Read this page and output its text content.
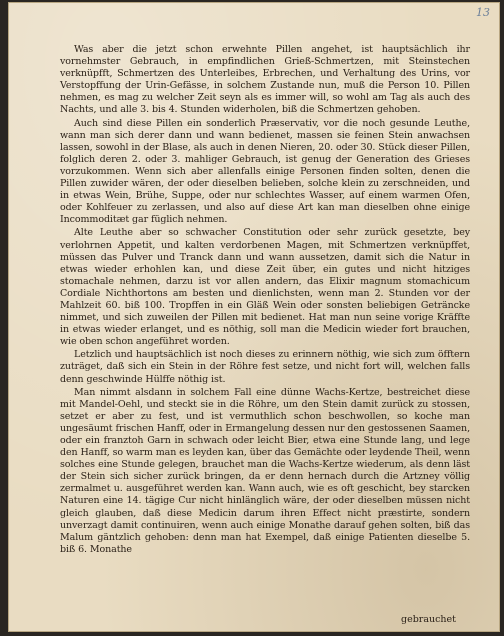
13

Was aber die jetzt schon erwehnte Pillen angehet, ist hauptsächlich ihr vornehmster Gebrauch, in empfindlichen Grieß-Schmertzen, mit Steinstechen verknüpfft, Schmertzen des Unterleibes, Erbrechen, und Verhaltung des Urins, vor Verstopffung der Urin-Gefässe, in solchem Zustande nun, muß die Person 10. Pillen nehmen, es mag zu welcher Zeit seyn als es immer will, so wohl am Tag als auch des Nachts, und alle 3. bis 4. Stunden widerholen, biß die Schmertzen gehoben.

Auch sind diese Pillen ein sonderlich Præservativ, vor die noch gesunde Leuthe, wann man sich derer dann und wann bedienet, massen sie feinen Stein anwachsen lassen, sowohl in der Blase, als auch in denen Nieren, 20. oder 30. Stück dieser Pillen, folglich deren 2. oder 3. mahliger Gebrauch, ist genug der Generation des Grieses vorzukommen. Wenn sich aber allenfalls einige Personen finden solten, denen die Pillen zuwider wären, der oder dieselben belieben, solche klein zu zerschneiden, und in etwas Wein, Brühe, Suppe, oder nur schlechtes Wasser, auf einem warmen Ofen, oder Kohlfeuer zu zerlassen, und also auf diese Art kan man dieselben ohne einige Incommoditæt gar füglich nehmen.

Alte Leuthe aber so schwacher Constitution oder sehr zurück gesetzte, bey verlohrnen Appetit, und kalten verdorbenen Magen, mit Schmertzen verknüpffet, müssen das Pulver und Tranck dann und wann aussetzen, damit sich die Natur in etwas wieder erhohlen kan, und diese Zeit über, ein gutes und nicht hitziges stomachale nehmen, darzu ist vor allen andern, das Elixir magnum stomachicum Cordiale Nichthortons am besten und dienlichsten, wenn man 2. Stunden vor der Mahlzeit 60. biß 100. Tropffen in ein Gläß Wein oder sonsten beliebigen Geträncke nimmet, und sich zuweilen der Pillen mit bedienet. Hat man nun seine vorige Kräffte in etwas wieder erlanget, und es nöthig, soll man die Medicin wieder fort brauchen, wie oben schon angeführet worden.

Letzlich und hauptsächlich ist noch dieses zu erinnern nöthig, wie sich zum öfftern zuträget, daß sich ein Stein in der Röhre fest setze, und nicht fort will, welchen falls denn geschwinde Hülffe nöthig ist.

Man nimmt alsdann in solchem Fall eine dünne Wachs-Kertze, bestreichet diese mit Mandel-Oehl, und steckt sie in die Röhre, um den Stein damit zurück zu stossen, setzet er aber zu fest, und ist vermuthlich schon beschwollen, so koche man ungesäumt frischen Hanff, oder in Ermangelung dessen nur den gestossenen Saamen, oder ein franztoh Garn in schwach oder leicht Bier, etwa eine Stunde lang, und lege den Hanff, so warm man es leyden kan, über das Gemächte oder leydende Theil, wenn solches eine Stunde gelegen, brauchet man die Wachs-Kertze wiederum, als denn läst der Stein sich sicher zurück bringen, da er denn hernach durch die Artzney völlig zermalmet u. ausgeführet werden kan. Wann auch, wie es oft geschicht, bey starcken Naturen eine 14. tägige Cur nicht hinlänglich wäre, der oder dieselben müssen nicht gleich glauben, daß diese Medicin darum ihren Effect nicht præstirte, sondern unverzagt damit continuiren, wenn auch einige Monathe darauf gehen solten, biß das Malum gäntzlich gehoben: denn man hat Exempel, daß einige Patienten dieselbe 5. biß 6. Monathe

gebrauchet
